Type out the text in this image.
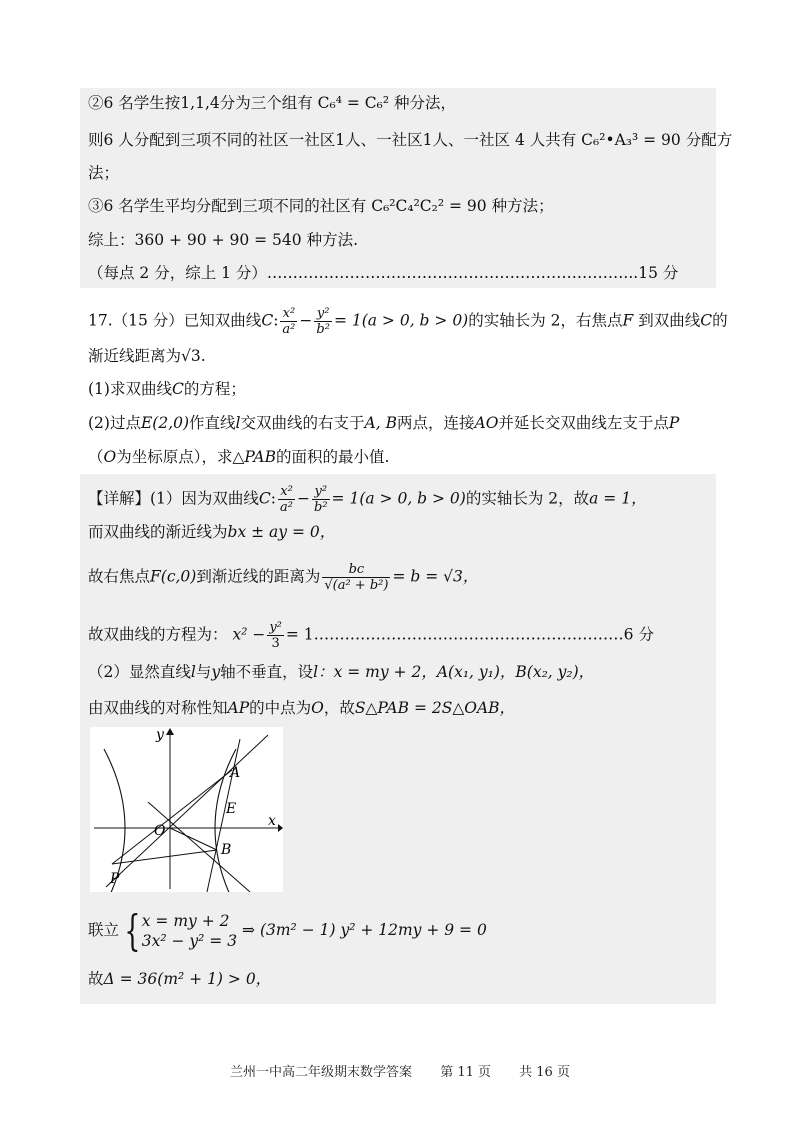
②6 名学生按1,1,4分为三个组有 C₆⁴ = C₆² 种分法，
则6 人分配到三项不同的社区一社区1人、一社区1人、一社区 4 人共有 C₆²•A₃³ = 90 分配方
法；
③6 名学生平均分配到三项不同的社区有 C₆²C₄²C₂² = 90 种方法；
综上：360 + 90 + 90 = 540 种方法.
（每点 2 分，综上 1 分）……………………………………………………………...15 分
17.（15 分）已知双曲线C: $\frac{\text{x²}}{\text{a²}} - \frac{\text{y²}}{\text{b²}} = 1(a > 0$, b > 0)的实轴长为 2，右焦点F 到双曲线C的
渐近线距离为√3.
(1)求双曲线C的方程；
(2)过点E(2,0)作直线l交双曲线的右支于A, B两点，连接AO并延长交双曲线左支于点P
（O为坐标原点），求△PAB的面积的最小值.
【详解】(1）因为双曲线C: $\frac{\text{x²}}{\text{a²}} - \frac{\text{y²}}{\text{b²}} = 1(a > 0$, b > 0)的实轴长为 2，故a = 1，
而双曲线的渐近线为bx ± ay = 0，
故右焦点F(c,0)到渐近线的距离为 $\frac{bc}{\text{√(a² + b²)}} = b = √3$，
故双曲线的方程为： $x^2 - \frac{\text{y²}}{3}$ = 1……………………………………………………6 分
（2）显然直线l与y轴不垂直，设l：x = my + 2，A(x₁, y₁)，B(x₂, y₂)，
由双曲线的对称性知AP的中点为O，故S△PAB = 2S△OAB，
y
x
O
A
E
B
P
联立 { x = my + 2
3x² − y² = 3
⇒ (3m² − 1) y² + 12my + 9 = 0
故Δ = 36(m² + 1) > 0，
兰州一中高二年级期末数学答案 第 11 页 共 16 页
